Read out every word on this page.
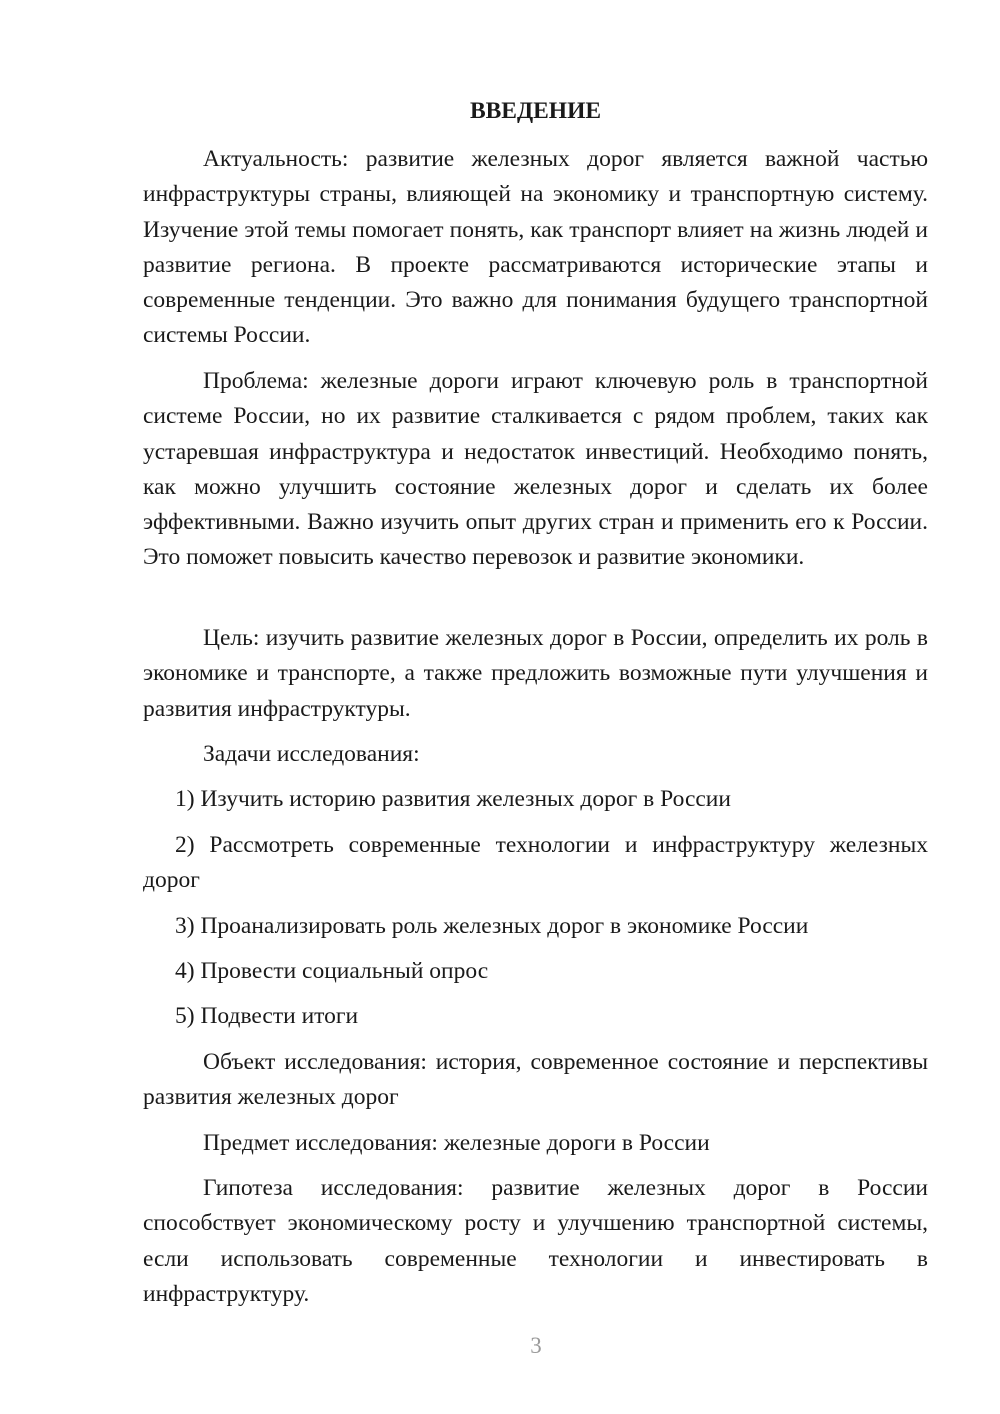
ВВЕДЕНИЕ

Актуальность: развитие железных дорог является важной частью инфраструктуры страны, влияющей на экономику и транспортную систему. Изучение этой темы помогает понять, как транспорт влияет на жизнь людей и развитие региона. В проекте рассматриваются исторические этапы и современные тенденции. Это важно для понимания будущего транспортной системы России.

Проблема: железные дороги играют ключевую роль в транспортной системе России, но их развитие сталкивается с рядом проблем, таких как устаревшая инфраструктура и недостаток инвестиций. Необходимо понять, как можно улучшить состояние железных дорог и сделать их более эффективными. Важно изучить опыт других стран и применить его к России. Это поможет повысить качество перевозок и развитие экономики.

Цель: изучить развитие железных дорог в России, определить их роль в экономике и транспорте, а также предложить возможные пути улучшения и развития инфраструктуры.

Задачи исследования:

1) Изучить историю развития железных дорог в России

2) Рассмотреть современные технологии и инфраструктуру железных дорог

3) Проанализировать роль железных дорог в экономике России

4) Провести социальный опрос

5) Подвести итоги

Объект исследования: история, современное состояние и перспективы развития железных дорог

Предмет исследования: железные дороги в России

Гипотеза исследования: развитие железных дорог в России способствует экономическому росту и улучшению транспортной системы, если использовать современные технологии и инвестировать в инфраструктуру.

3
